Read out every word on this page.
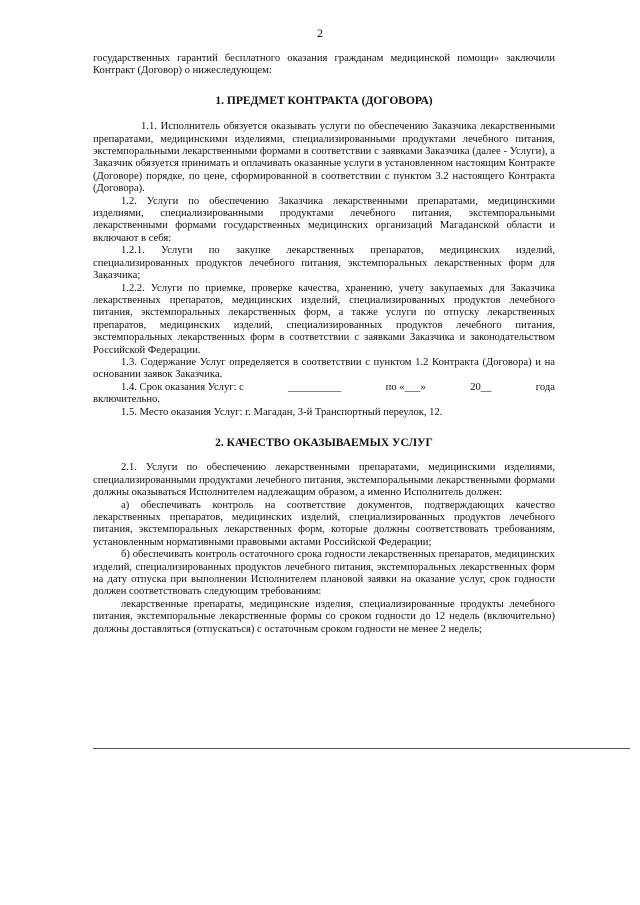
2

государственных гарантий бесплатного оказания гражданам медицинской помощи» заключили Контракт (Договор) о нижеследующем:

1. ПРЕДМЕТ КОНТРАКТА (ДОГОВОРА)

1.1. Исполнитель обязуется оказывать услуги по обеспечению Заказчика лекарственными препаратами, медицинскими изделиями, специализированными продуктами лечебного питания, экстемпоральными лекарственными формами в соответствии с заявками Заказчика (далее - Услуги), а Заказчик обязуется принимать и оплачивать оказанные услуги в установленном настоящим Контракте (Договоре) порядке, по цене, сформированной в соответствии с пунктом 3.2 настоящего Контракта (Договора).

1.2. Услуги по обеспечению Заказчика лекарственными препаратами, медицинскими изделиями, специализированными продуктами лечебного питания, экстемпоральными лекарственными формами государственных медицинских организаций Магаданской области и включают в себя:

1.2.1. Услуги по закупке лекарственных препаратов, медицинских изделий, специализированных продуктов лечебного питания, экстемпоральных лекарственных форм для Заказчика;

1.2.2. Услуги по приемке, проверке качества, хранению, учету закупаемых для Заказчика лекарственных препаратов, медицинских изделий, специализированных продуктов лечебного питания, экстемпоральных лекарственных форм, а также услуги по отпуску лекарственных препаратов, медицинских изделий, специализированных продуктов лечебного питания, экстемпоральных лекарственных форм в соответствии с заявками Заказчика и законодательством Российской Федерации.

1.3. Содержание Услуг определяется в соответствии с пунктом 1.2 Контракта (Договора) и на основании заявок Заказчика.

1.4. Срок оказания Услуг: с	__________	по «___»	20__	года

включительно.

1.5. Место оказания Услуг: г. Магадан, 3-й Транспортный переулок, 12.

2. КАЧЕСТВО ОКАЗЫВАЕМЫХ УСЛУГ

2.1. Услуги по обеспечению лекарственными препаратами, медицинскими изделиями, специализированными продуктами лечебного питания, экстемпоральными лекарственными формами должны оказываться Исполнителем надлежащим образом, а именно Исполнитель должен:

а) обеспечивать контроль на соответствие документов, подтверждающих качество лекарственных препаратов, медицинских изделий, специализированных продуктов лечебного питания, экстемпоральных лекарственных форм, которые должны соответствовать требованиям, установленным нормативными правовыми актами Российской Федерации;

б) обеспечивать контроль остаточного срока годности лекарственных препаратов, медицинских изделий, специализированных продуктов лечебного питания, экстемпоральных лекарственных форм на дату отпуска при выполнении Исполнителем плановой заявки на оказание услуг, срок годности должен соответствовать следующим требованиям:

лекарственные препараты, медицинские изделия, специализированные продукты лечебного питания, экстемпоральные лекарственные формы со сроком годности до 12 недель (включительно) должны доставляться (отпускаться) с остаточным сроком годности не менее 2 недель;
